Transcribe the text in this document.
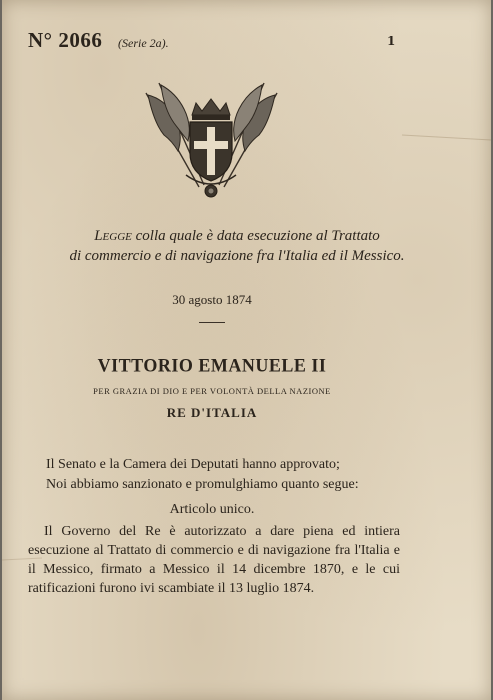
N° 2066 (Serie 2a).	1
Legge colla quale è data esecuzione al Trattato
di commercio e di navigazione fra l'Italia ed il Messico.
30 agosto 1874
VITTORIO EMANUELE II
PER GRAZIA DI DIO E PER VOLONTÀ DELLA NAZIONE
RE D'ITALIA
Il Senato e la Camera dei Deputati hanno approvato;
Noi abbiamo sanzionato e promulghiamo quanto segue:
Articolo unico.
Il Governo del Re è autorizzato a dare piena ed intiera esecuzione al Trattato di commercio e di navigazione fra l'Italia e il Messico, firmato a Messico il 14 dicembre 1870, e le cui ratificazioni furono ivi scambiate il 13 luglio 1874.
